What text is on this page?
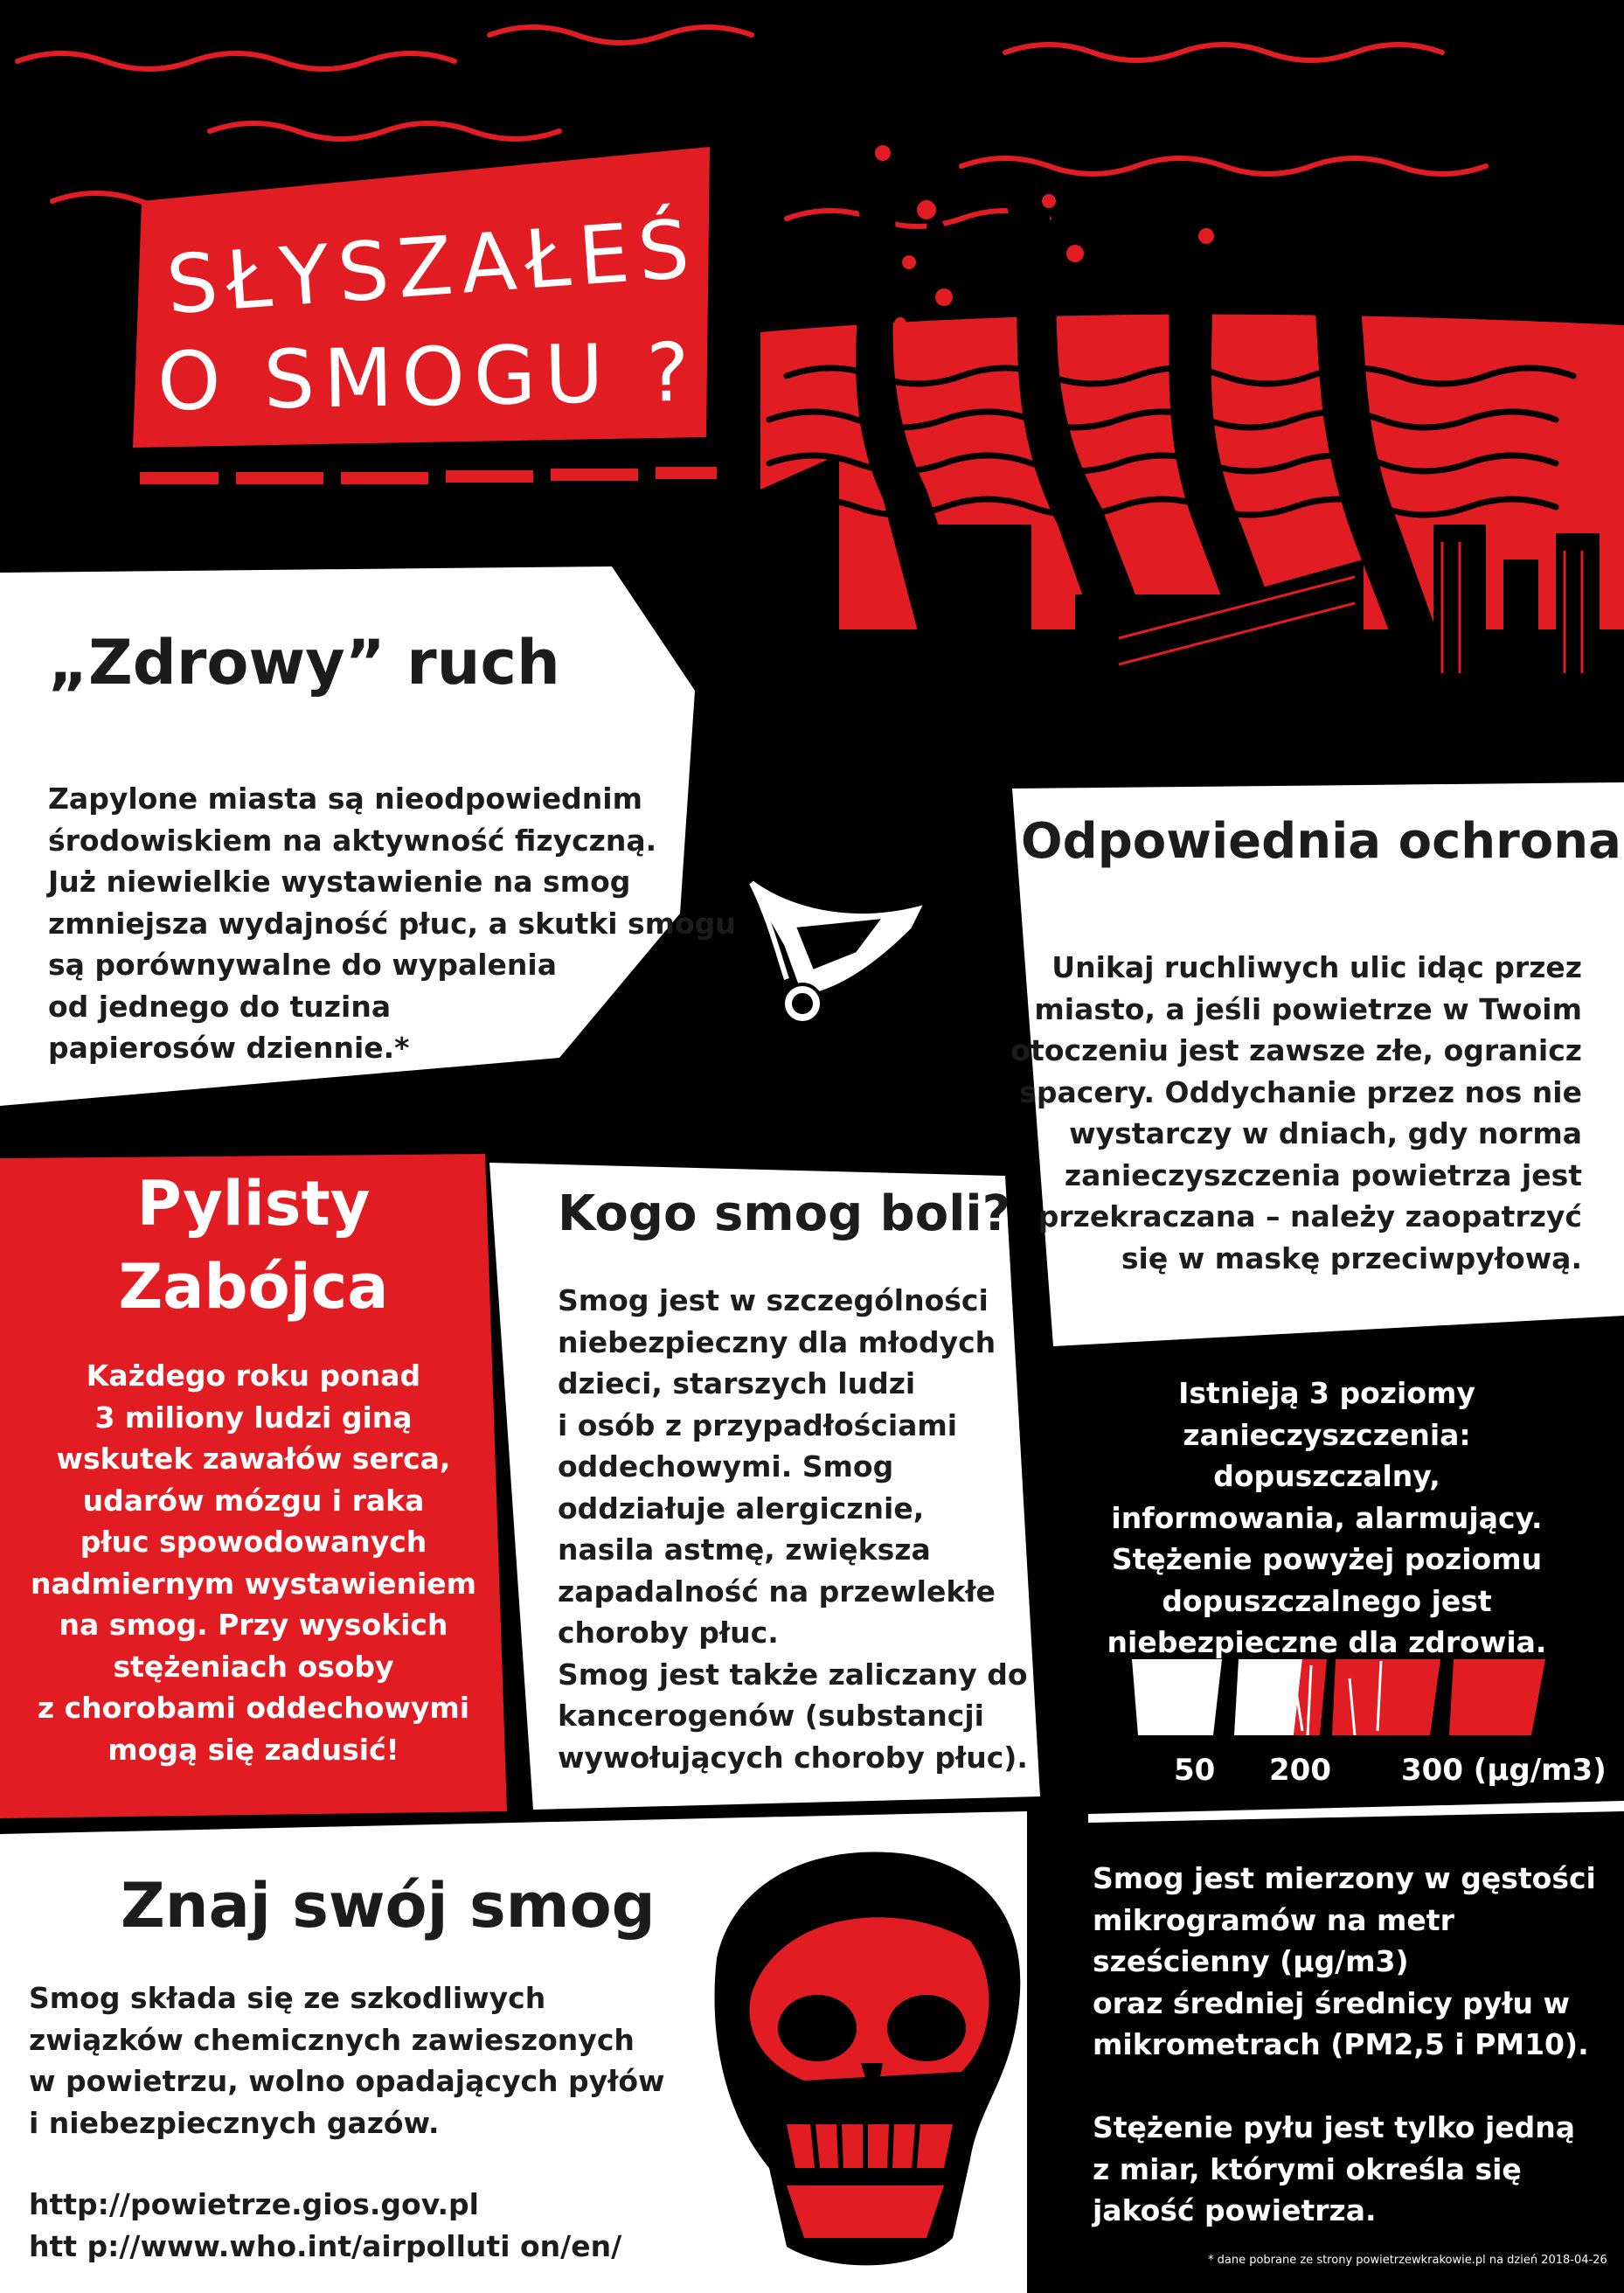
SŁYSZAŁEŚ
O SMOGU ?
„Zdrowy” ruch
Zapylone miasta są nieodpowiednim
środowiskiem na aktywność fizyczną.
Już niewielkie wystawienie na smog
zmniejsza wydajność płuc, a skutki smogu
są porównywalne do wypalenia
od jednego do tuzina
papierosów dziennie.*
Odpowiednia ochrona
Unikaj ruchliwych ulic idąc przez
miasto, a jeśli powietrze w Twoim
otoczeniu jest zawsze złe, ogranicz
spacery. Oddychanie przez nos nie
wystarczy w dniach, gdy norma
zanieczyszczenia powietrza jest
przekraczana – należy zaopatrzyć
się w maskę przeciwpyłową.
Pylisty
Zabójca
Każdego roku ponad
3 miliony ludzi giną
wskutek zawałów serca,
udarów mózgu i raka
płuc spowodowanych
nadmiernym wystawieniem
na smog. Przy wysokich
stężeniach osoby
z chorobami oddechowymi
mogą się zadusić!
Kogo smog boli?
Smog jest w szczególności
niebezpieczny dla młodych
dzieci, starszych ludzi
i osób z przypadłościami
oddechowymi. Smog
oddziałuje alergicznie,
nasila astmę, zwiększa
zapadalność na przewlekłe
choroby płuc.
Smog jest także zaliczany do
kancerogenów (substancji
wywołujących choroby płuc).
Istnieją 3 poziomy
zanieczyszczenia: dopuszczalny,
informowania, alarmujący.
Stężenie powyżej poziomu
dopuszczalnego jest
niebezpieczne dla zdrowia.
50 200 300 (μg/m3)
Znaj swój smog
Smog składa się ze szkodliwych
związków chemicznych zawieszonych
w powietrzu, wolno opadających pyłów
i niebezpiecznych gazów.
http://powietrze.gios.gov.pl
htt p://www.who.int/airpolluti on/en/
Smog jest mierzony w gęstości
mikrogramów na metr
sześcienny (μg/m3)
oraz średniej średnicy pyłu w
mikrometrach (PM2,5 i PM10).

Stężenie pyłu jest tylko jedną
z miar, którymi określa się
jakość powietrza.
* dane pobrane ze strony powietrzewkrakowie.pl na dzień 2018-04-26
